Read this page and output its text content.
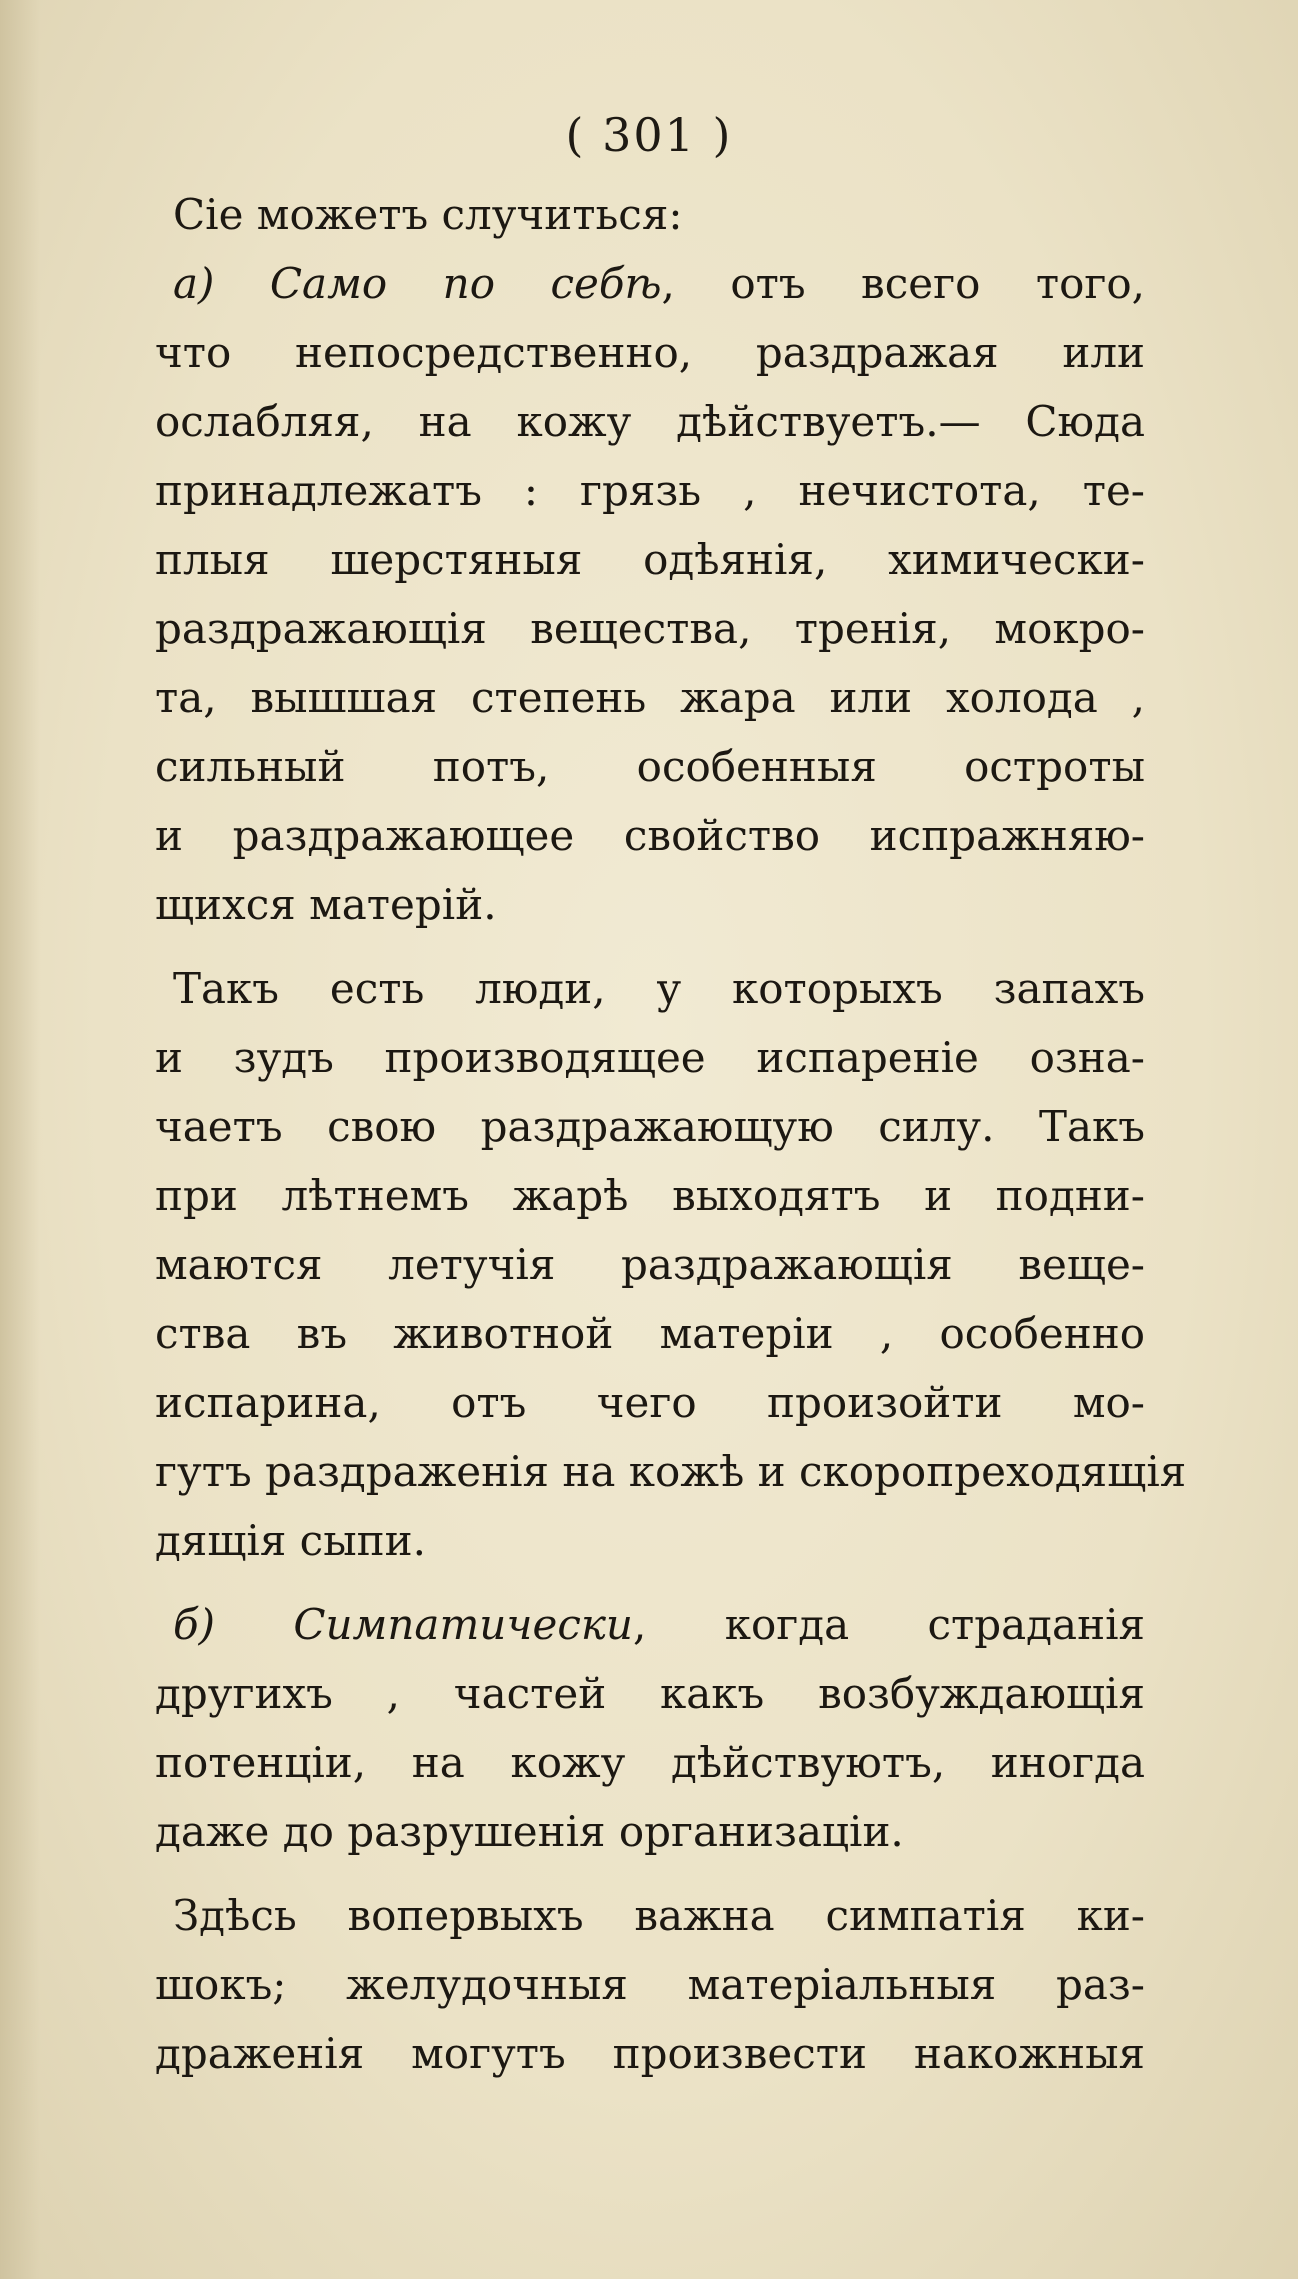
( 301 )
Сіе можетъ случиться:
а) Само по себѣ, отъ всего того,
что непосредственно, раздражая или
ослабляя, на кожу дѣйствуетъ.— Сюда
принадлежатъ : грязь , нечистота, те-
плыя шерстяныя одѣянія, химически-
раздражающія вещества, тренія, мокро-
та, вышшая степень жара или холода ,
сильный потъ, особенныя остроты
и раздражающее свойство испражняю-
щихся матерій.
Такъ есть люди, у которыхъ запахъ
и зудъ производящее испареніе озна-
чаетъ свою раздражающую силу. Такъ
при лѣтнемъ жарѣ выходятъ и подни-
маются летучія раздражающія веще-
ства въ животной матеріи , особенно
испарина, отъ чего произойти мо-
гутъ раздраженія на кожѣ и скоропреходящія
дящія сыпи.
б) Симпатически, когда страданія
другихъ , частей какъ возбуждающія
потенціи, на кожу дѣйствуютъ, иногда
даже до разрушенія организаціи.
Здѣсь вопервыхъ важна симпатія ки-
шокъ; желудочныя матеріальныя раз-
драженія могутъ произвести накожныя
